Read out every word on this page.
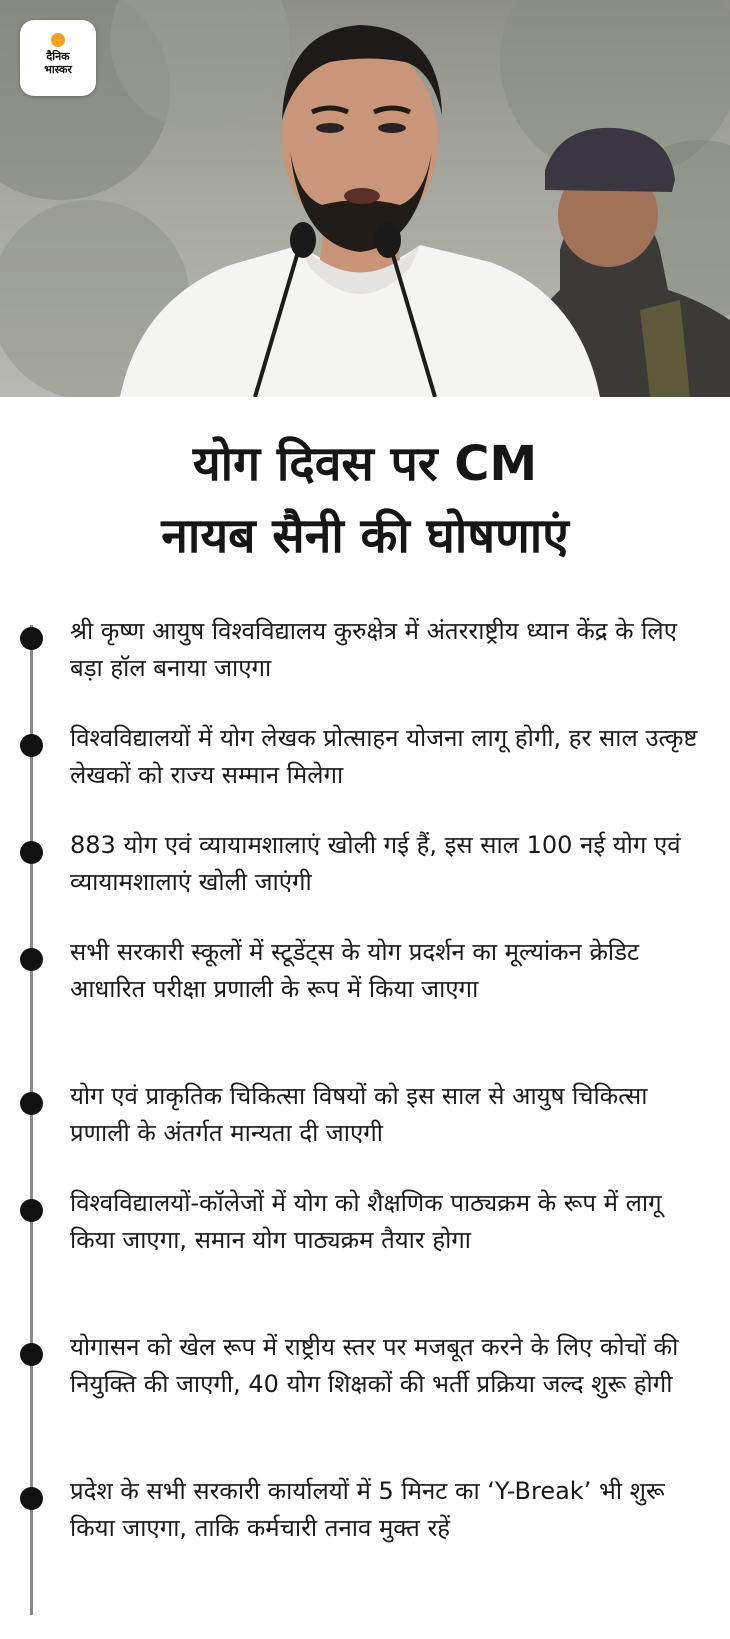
दैनिक
भास्कर
योग दिवस पर CM
नायब सैनी की घोषणाएं
श्री कृष्ण आयुष विश्वविद्यालय कुरुक्षेत्र में अंतरराष्ट्रीय ध्यान केंद्र के लिए बड़ा हॉल बनाया जाएगा
विश्वविद्यालयों में योग लेखक प्रोत्साहन योजना लागू होगी, हर साल उत्कृष्ट लेखकों को राज्य सम्मान मिलेगा
883 योग एवं व्यायामशालाएं खोली गई हैं, इस साल 100 नई योग एवं व्यायामशालाएं खोली जाएंगी
सभी सरकारी स्कूलों में स्टूडेंट्स के योग प्रदर्शन का मूल्यांकन क्रेडिट आधारित परीक्षा प्रणाली के रूप में किया जाएगा
योग एवं प्राकृतिक चिकित्सा विषयों को इस साल से आयुष चिकित्सा प्रणाली के अंतर्गत मान्यता दी जाएगी
विश्वविद्यालयों-कॉलेजों में योग को शैक्षणिक पाठ्यक्रम के रूप में लागू किया जाएगा, समान योग पाठ्यक्रम तैयार होगा
योगासन को खेल रूप में राष्ट्रीय स्तर पर मजबूत करने के लिए कोचों की नियुक्ति की जाएगी, 40 योग शिक्षकों की भर्ती प्रक्रिया जल्द शुरू होगी
प्रदेश के सभी सरकारी कार्यालयों में 5 मिनट का ‘Y-Break’ भी शुरू किया जाएगा, ताकि कर्मचारी तनाव मुक्त रहें
